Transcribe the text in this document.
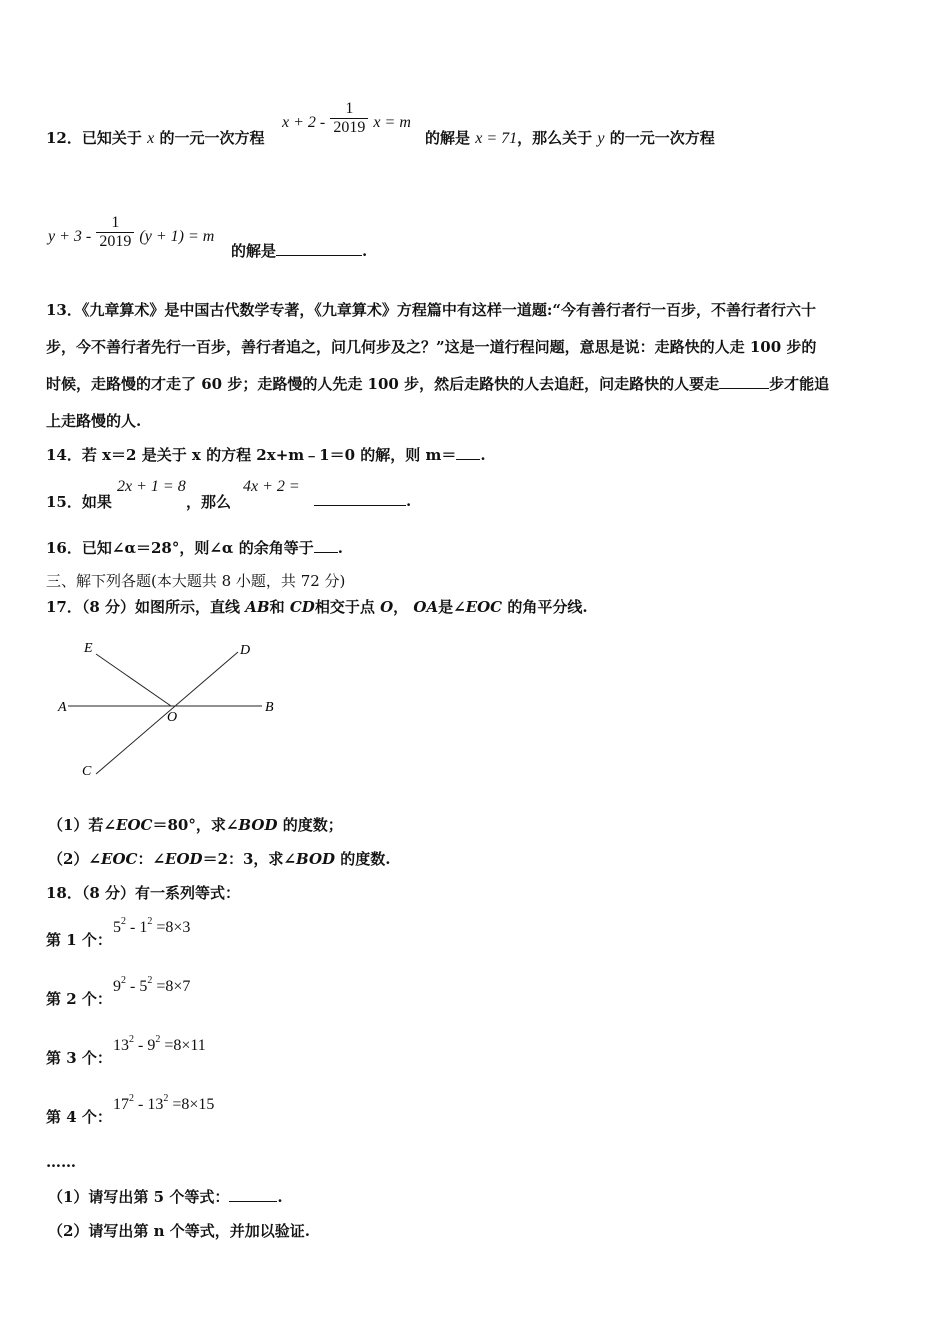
12．已知关于 x 的一元一次方程
$x + 2 - \frac{1}{2019}$ x = m
的解是 x = 71，那么关于 y 的一元一次方程
$y + 3 - \frac{1}{2019} (y + 1) = m$
的解是	.
13．《九章算术》是中国古代数学专著，《九章算术》方程篇中有这样一道题:“今有善行者行一百步，不善行者行六十
步，今不善行者先行一百步，善行者追之，问几何步及之？”这是一道行程问题，意思是说：走路快的人走 100 步的
时候，走路慢的才走了 60 步；走路慢的人先走 100 步，然后走路快的人去追赶，问走路快的人要走	步才能追
上走路慢的人.
14．若 x＝2 是关于 x 的方程 2x+m﹣1＝0 的解，则 m＝ .
15．如果
2x + 1 = 8
，那么
4x + 2 =
.
16．已知∠α＝28°，则∠α 的余角等于 .
三、解下列各题(本大题共 8 小题，共 72 分)
17．（8 分）如图所示，直线 AB和 CD相交于点 O， OA是∠EOC 的角平分线.
E	D
A
O
B
C
（1）若∠EOC＝80°，求∠BOD 的度数；
（2）∠EOC：∠EOD＝2：3，求∠BOD 的度数.
18．（8 分）有一系列等式：
第 1 个：
$5^2 - 1^2 =8\times 3$
第 2 个：
$9^2 - 5^2 =8\times 7$
第 3 个：
$13^2 - 9^2 =8\times 11$
第 4 个：
$17^2 - 13^2 =8\times 15$
……
（1）请写出第 5 个等式：	.
（2）请写出第 n 个等式，并加以验证.
